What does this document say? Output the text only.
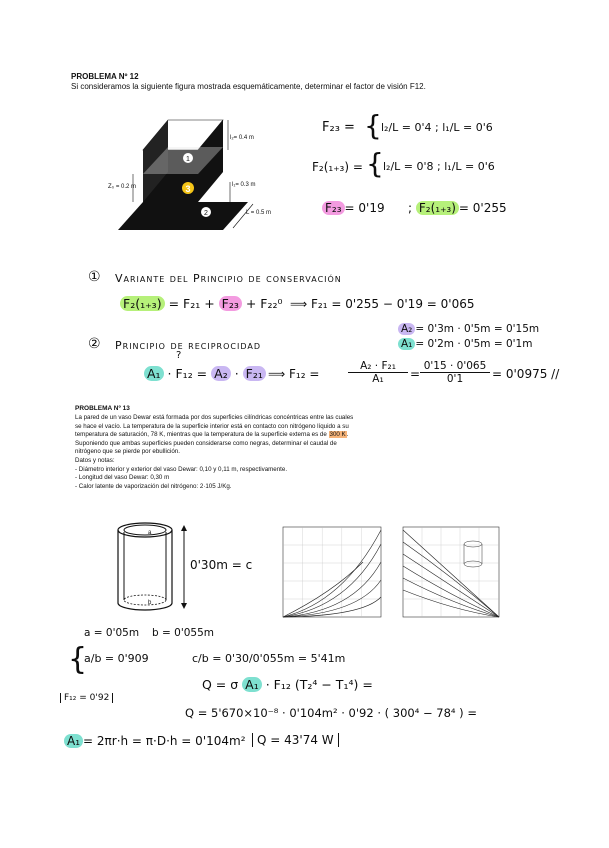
PROBLEMA Nº 12
Si consideramos la siguiente figura mostrada esquemáticamente, determinar el factor de visión F12.
1
3
2
l₂= 0.4 m
l₁= 0.3 m
Z₀ = 0.2 m
L = 0.5 m
F₂₃ = { l₂/L = 0'4 ; l₁/L = 0'6
F₂(₁₊₃) = { l₂/L = 0'8 ; l₁/L = 0'6
F₂₃ = 0'19 ; F₂(₁₊₃) = 0'255
① Variante del Principio de conservación
F₂(₁₊₃) = F₂₁ + F₂₃ + F₂₂⁰ ⟹ F₂₁ = 0'255 − 0'19 = 0'065
A₂ = 0'3m · 0'5m = 0'15m
A₁ = 0'2m · 0'5m = 0'1m
② Principio de reciprocidad
?
A₁ · F₁₂ = A₂ · F₂₁ ⟹ F₁₂ =	$\frac{\text{A₂ · F₂₁}}{\text{A₁}} = \frac{0'15 \cdot 0'065}{0'1} = 0'0975$ //
PROBLEMA Nº 13
La pared de un vaso Dewar está formada por dos superficies cilíndricas concéntricas entre las cuales
se hace el vacío. La temperatura de la superficie interior está en contacto con nitrógeno líquido a su
temperatura de saturación, 78 K, mientras que la temperatura de la superficie externa es de 300 K.
Suponiendo que ambas superficies pueden considerarse como negras, determinar el caudal de
nitrógeno que se pierde por ebullición.
Datos y notas:
- Diámetro interior y exterior del vaso Dewar: 0,10 y 0,11 m, respectivamente.
- Longitud del vaso Dewar: 0,30 m
- Calor latente de vaporización del nitrógeno: 2·105 J/Kg.
a
b
0'30m = c
a = 0'05m b = 0'055m
{
a/b = 0'909	c/b = 0'30/0'055m = 5'41m
F₁₂ = 0'92
Q = σ A₁ · F₁₂ (T₂⁴ − T₁⁴) =
Q = 5'670×10⁻⁸ · 0'104m² · 0'92 · ( 300⁴ − 78⁴ ) =
A₁ = 2πr·h = π·D·h = 0'104m² Q = 43'74 W
